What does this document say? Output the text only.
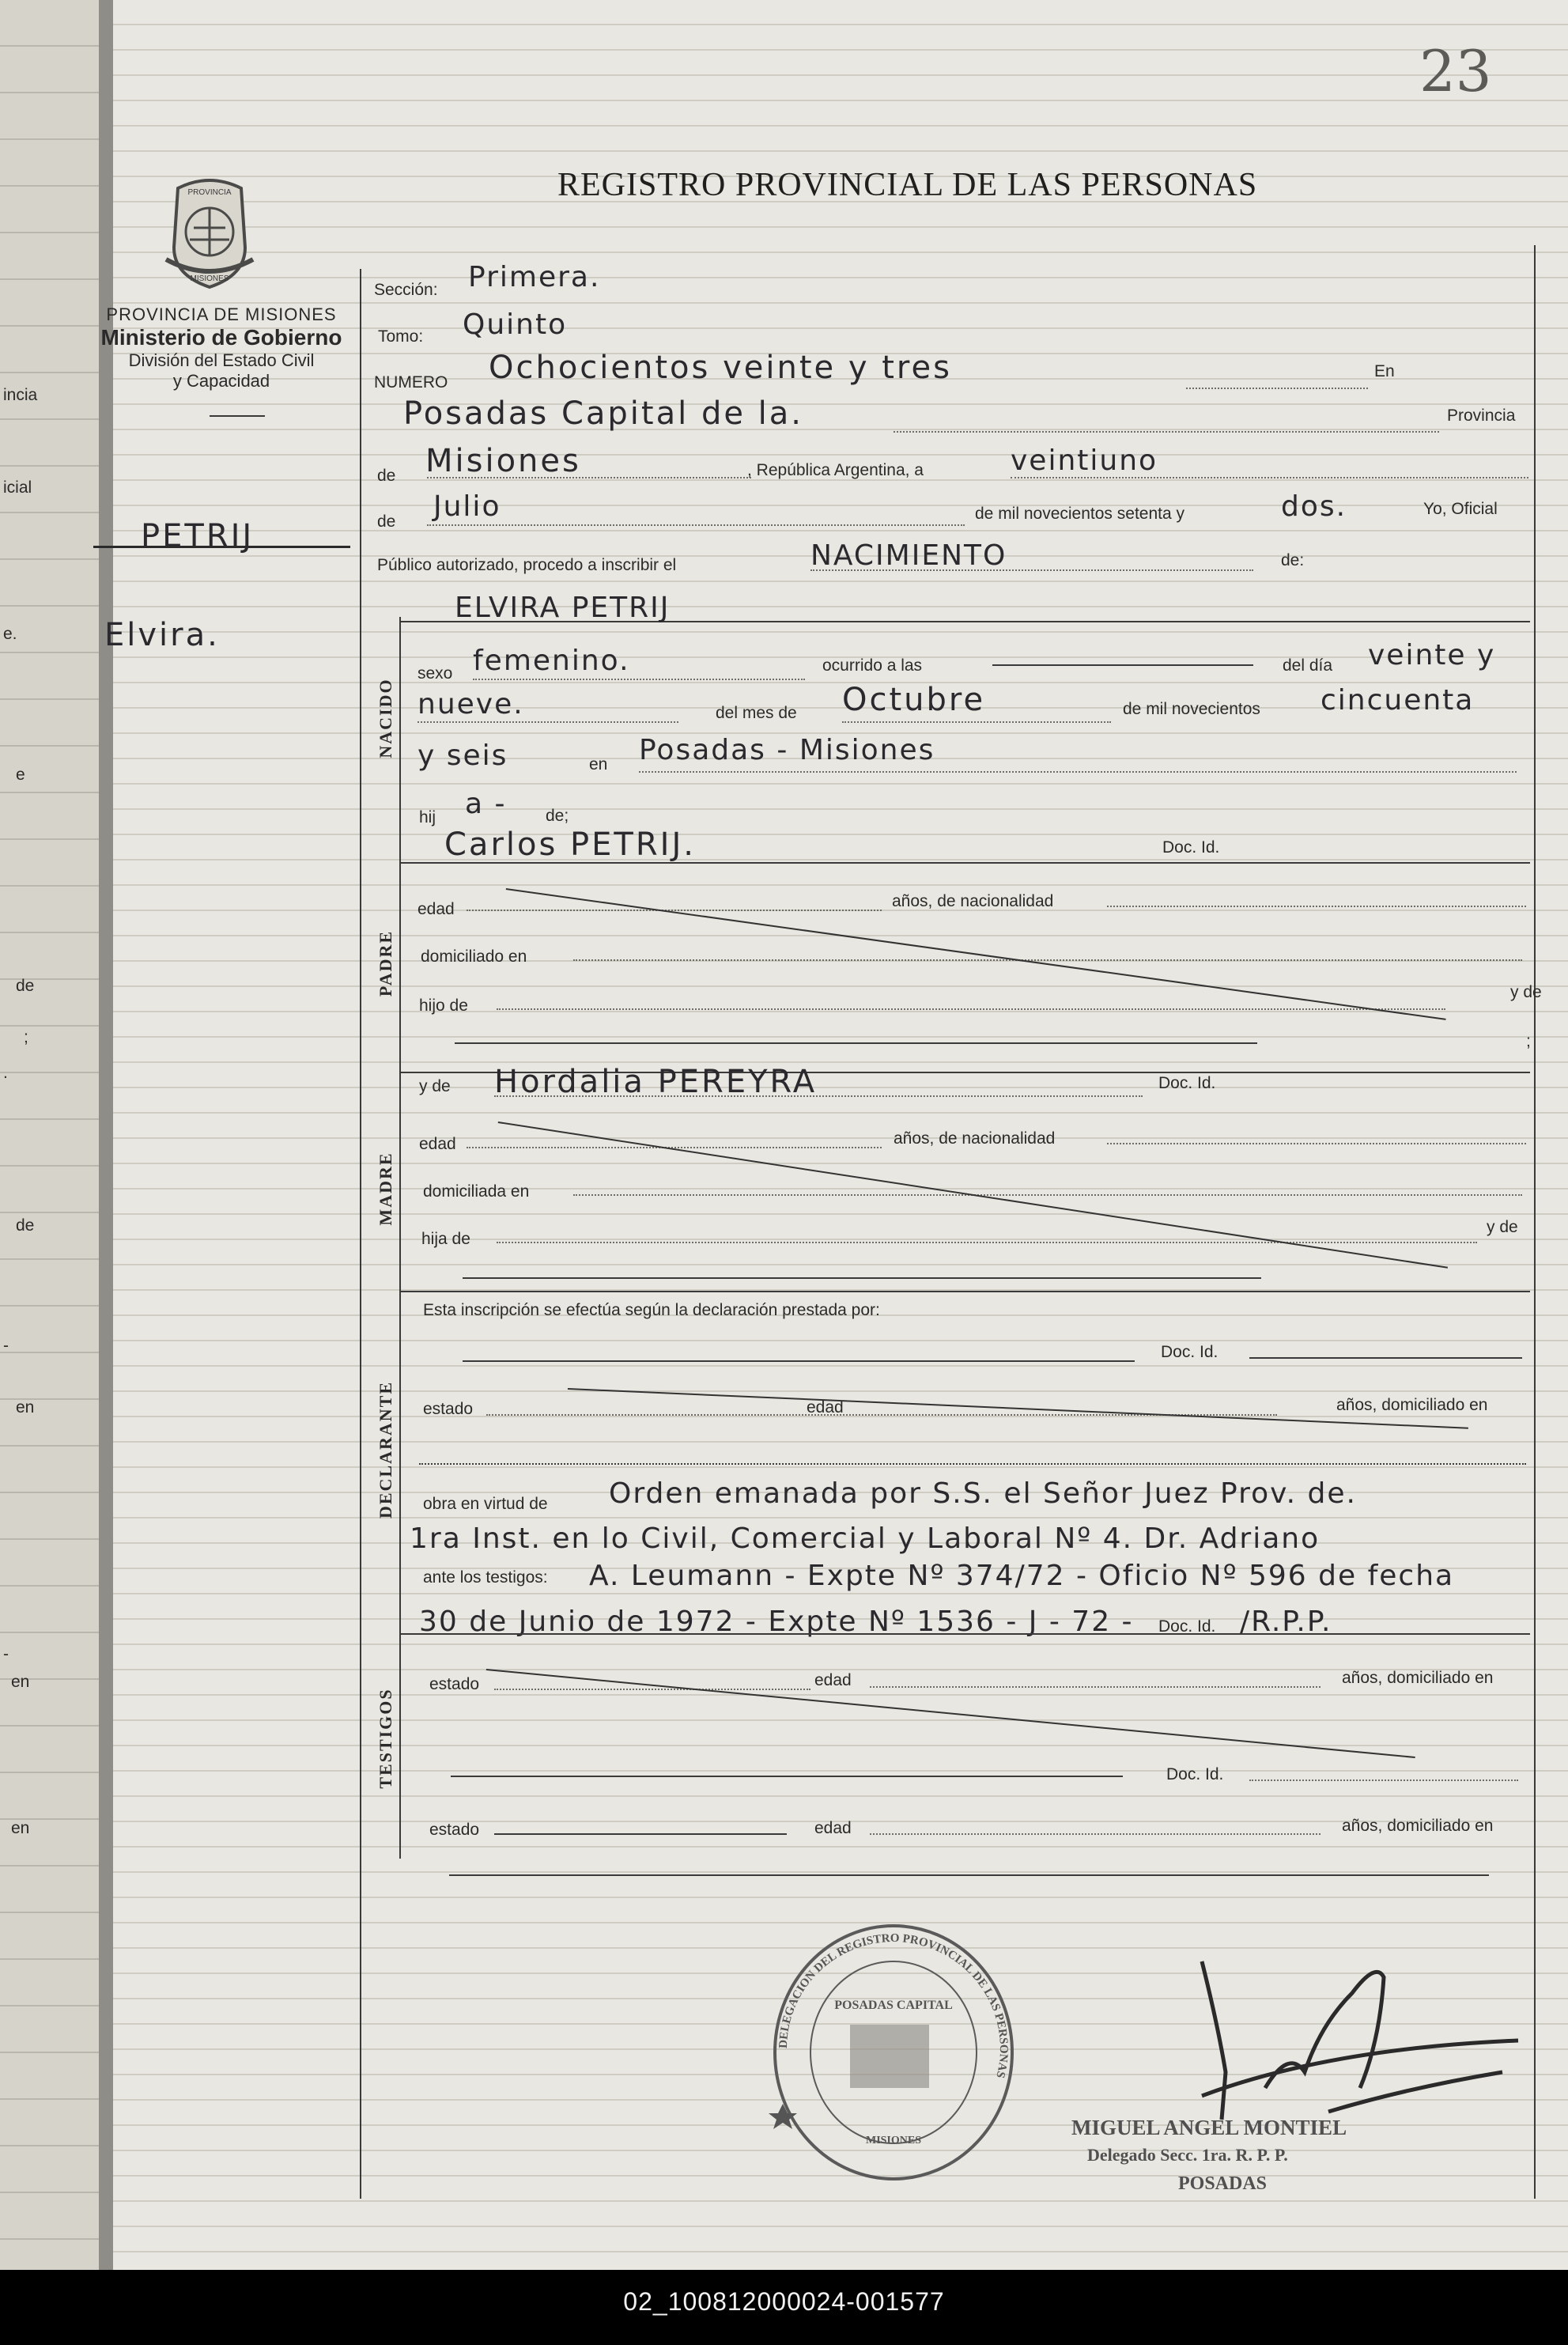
incia
icial
e.
e
de
;
.
de
-
en
-
en
en
23
REGISTRO PROVINCIAL DE LAS PERSONAS
PROVINCIA
MISIONES
PROVINCIA DE MISIONES
Ministerio de Gobierno
División del Estado Civil
y Capacidad
PETRIJ
Elvira.
Sección: Primera.
Tomo: Quinto
NUMERO Ochocientos veinte y tres	En
Posadas Capital de la.	Provincia
de Misiones	, República Argentina, a	veintiuno
de Julio	de mil novecientos setenta y	dos.	Yo, Oficial
Público autorizado, procedo a inscribir el	NACIMIENTO	de:
NACIDO
ELVIRA PETRIJ
sexo femenino.	ocurrido a las	del día veinte y
nueve.	del mes de Octubre	de mil novecientos cincuenta
y seis	en Posadas - Misiones
hij a - de;
Carlos PETRIJ.	Doc. Id.
PADRE
edad	años, de nacionalidad
domiciliado en
hijo de
y de
;
y de Hordalia PEREYRA	Doc. Id.
MADRE
edad	años, de nacionalidad
domiciliada en
hija de
y de
Esta inscripción se efectúa según la declaración prestada por:
Doc. Id.
DECLARANTE estado	edad	años, domiciliado en
obra en virtud de Orden emanada por S.S. el Señor Juez Prov. de.
1ra Inst. en lo Civil, Comercial y Laboral Nº 4. Dr. Adriano
ante los testigos: A. Leumann - Expte Nº 374/72 - Oficio Nº 596 de fecha
30 de Junio de 1972 - Expte Nº 1536 - J - 72 - Doc. Id. /R.P.P.
TESTIGOS
estado	edad	años, domiciliado en
Doc. Id.
estado	edad	años, domiciliado en
DELEGACION DEL REGISTRO PROVINCIAL DE LAS PERSONAS
POSADAS CAPITAL
MISIONES
MIGUEL ANGEL MONTIEL
Delegado Secc. 1ra. R. P. P.
POSADAS
02_100812000024-001577
